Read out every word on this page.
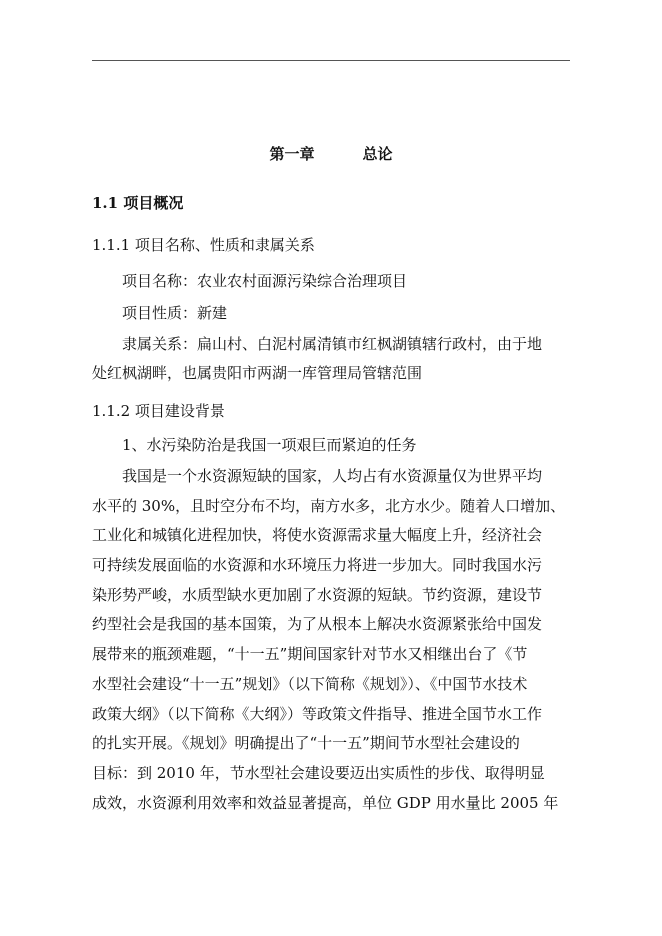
第一章	总论
1.1 项目概况
1.1.1 项目名称、性质和隶属关系
项目名称：农业农村面源污染综合治理项目
项目性质：新建
隶属关系：扁山村、白泥村属清镇市红枫湖镇辖行政村，由于地
处红枫湖畔，也属贵阳市两湖一库管理局管辖范围
1.1.2 项目建设背景
1、水污染防治是我国一项艰巨而紧迫的任务
我国是一个水资源短缺的国家，人均占有水资源量仅为世界平均
水平的 30%，且时空分布不均，南方水多，北方水少。随着人口增加、
工业化和城镇化进程加快，将使水资源需求量大幅度上升，经济社会
可持续发展面临的水资源和水环境压力将进一步加大。同时我国水污
染形势严峻，水质型缺水更加剧了水资源的短缺。节约资源，建设节
约型社会是我国的基本国策，为了从根本上解决水资源紧张给中国发
展带来的瓶颈难题，“十一五”期间国家针对节水又相继出台了《节
水型社会建设“十一五”规划》（以下简称《规划》）、《中国节水技术
政策大纲》（以下简称《大纲》）等政策文件指导、推进全国节水工作
的扎实开展。《规划》明确提出了“十一五”期间节水型社会建设的
目标：到 2010 年，节水型社会建设要迈出实质性的步伐、取得明显
成效，水资源利用效率和效益显著提高，单位 GDP 用水量比 2005 年
